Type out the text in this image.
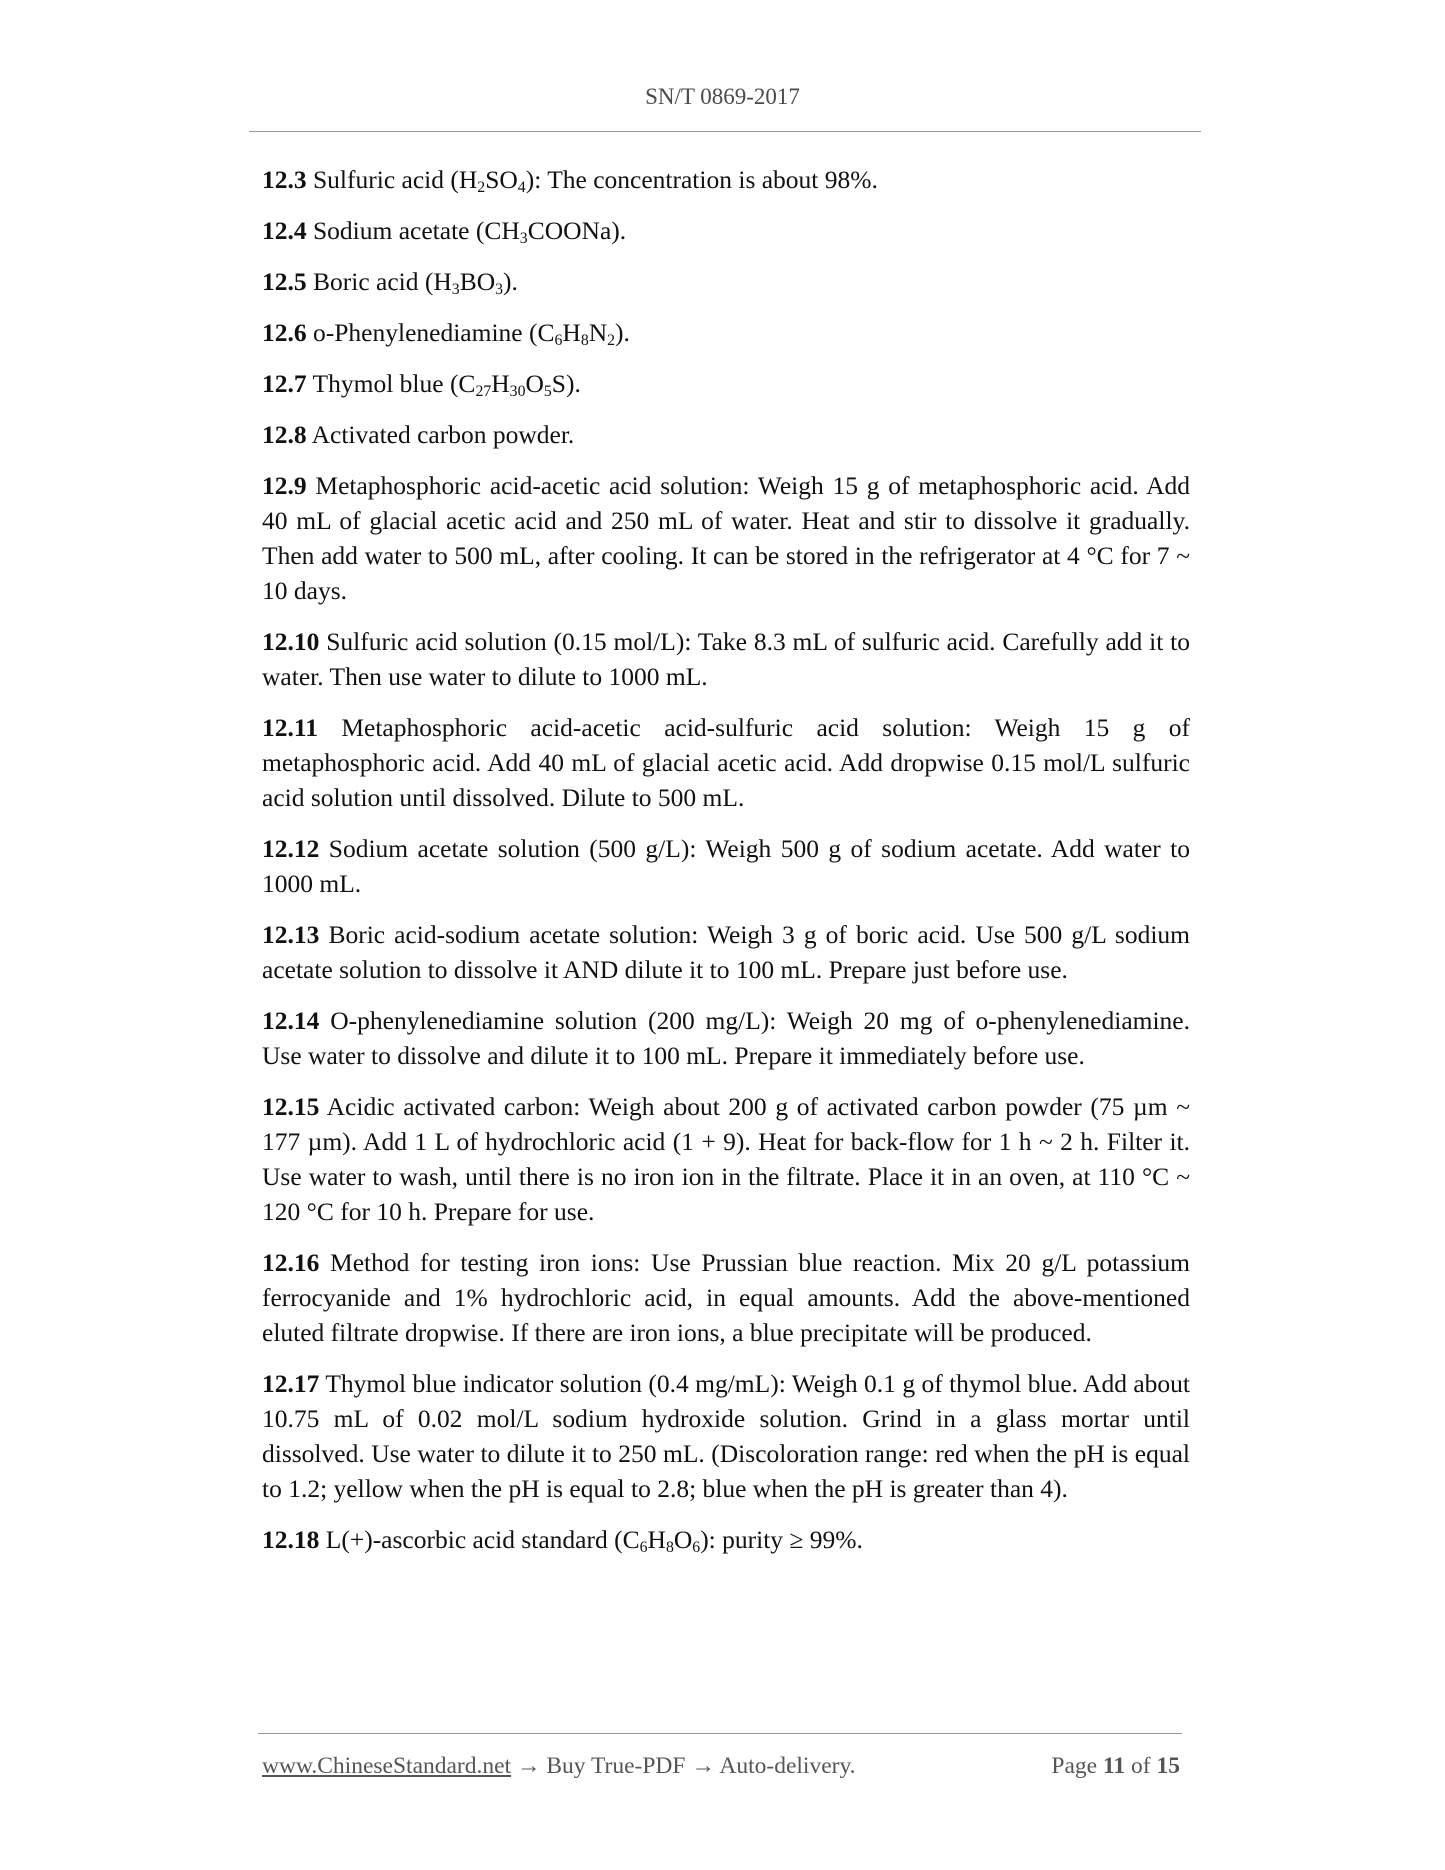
SN/T 0869-2017

12.3 Sulfuric acid $(H_2SO_4)$: The concentration is about 98%.

12.4 Sodium acetate $(CH_3COONa)$.

12.5 Boric acid $(H_3BO_3)$.

12.6 o-Phenylenediamine $(C_6H_8N_2)$.

12.7 Thymol blue $(C_{27}H_{30}O_5S)$.

12.8 Activated carbon powder.

12.9 Metaphosphoric acid-acetic acid solution: Weigh 15 g of metaphosphoric acid. Add 40 mL of glacial acetic acid and 250 mL of water. Heat and stir to dissolve it gradually. Then add water to 500 mL, after cooling. It can be stored in the refrigerator at 4 °C for 7 ~ 10 days.

12.10 Sulfuric acid solution (0.15 mol/L): Take 8.3 mL of sulfuric acid. Carefully add it to water. Then use water to dilute to 1000 mL.

12.11 Metaphosphoric acid-acetic acid-sulfuric acid solution: Weigh 15 g of metaphosphoric acid. Add 40 mL of glacial acetic acid. Add dropwise 0.15 mol/L sulfuric acid solution until dissolved. Dilute to 500 mL.

12.12 Sodium acetate solution (500 g/L): Weigh 500 g of sodium acetate. Add water to 1000 mL.

12.13 Boric acid-sodium acetate solution: Weigh 3 g of boric acid. Use 500 g/L sodium acetate solution to dissolve it AND dilute it to 100 mL. Prepare just before use.

12.14 O-phenylenediamine solution (200 mg/L): Weigh 20 mg of o-phenylenediamine. Use water to dissolve and dilute it to 100 mL. Prepare it immediately before use.

12.15 Acidic activated carbon: Weigh about 200 g of activated carbon powder (75 µm ~ 177 µm). Add 1 L of hydrochloric acid (1 + 9). Heat for back-flow for 1 h ~ 2 h. Filter it. Use water to wash, until there is no iron ion in the filtrate. Place it in an oven, at 110 °C ~ 120 °C for 10 h. Prepare for use.

12.16 Method for testing iron ions: Use Prussian blue reaction. Mix 20 g/L potassium ferrocyanide and 1% hydrochloric acid, in equal amounts. Add the above-mentioned eluted filtrate dropwise. If there are iron ions, a blue precipitate will be produced.

12.17 Thymol blue indicator solution (0.4 mg/mL): Weigh 0.1 g of thymol blue. Add about 10.75 mL of 0.02 mol/L sodium hydroxide solution. Grind in a glass mortar until dissolved. Use water to dilute it to 250 mL. (Discoloration range: red when the pH is equal to 1.2; yellow when the pH is equal to 2.8; blue when the pH is greater than 4).

12.18 L(+)-ascorbic acid standard $(C_6H_8O_6)$: purity ≥ 99%.

www.ChineseStandard.net → Buy True-PDF → Auto-delivery.	Page 11 of 15
